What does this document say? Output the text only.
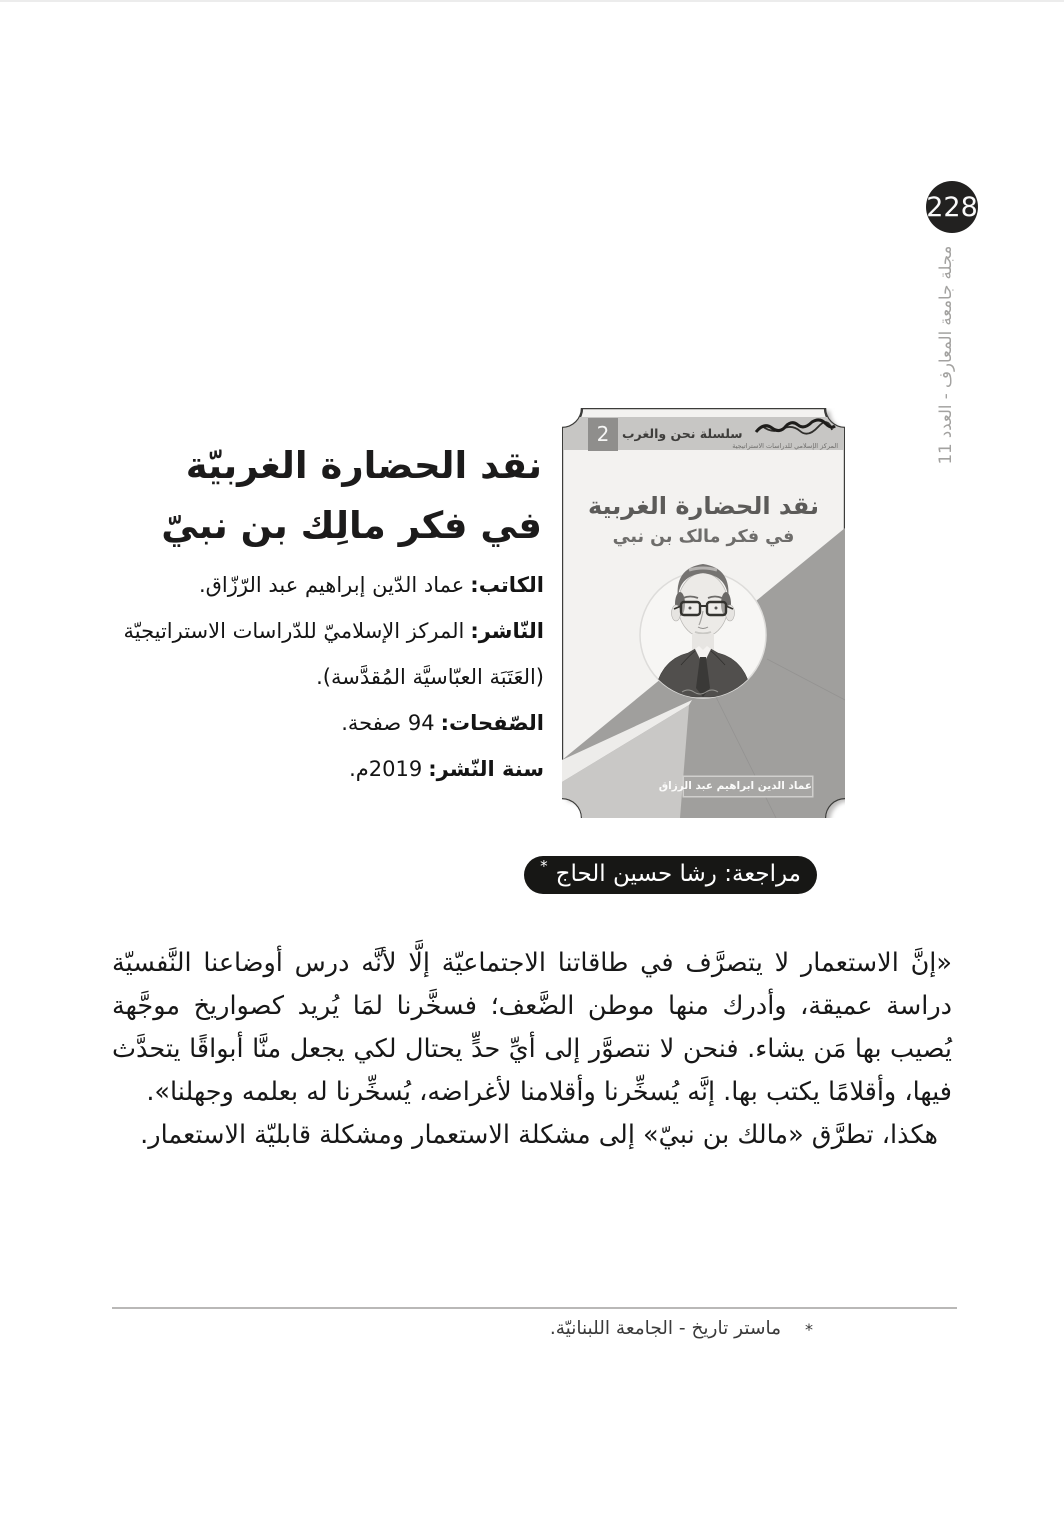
228
مجلة جامعة المعارف - العدد 11
2	سلسلة نحن والغرب
المركز الإسلامي للدراسات الاستراتيجية
نقد الحضارة الغربية
في فكر مالک بن نبي
عماد الدين ابراهيم عبد الرزاق
نقد الحضارة الغربيّة
في فكر مالِك بن نبيّ
الكاتب:عماد الدّين إبراهيم عبد الرّزّاق.
النّاشر:المركز الإسلاميّ للدّراسات الاستراتيجيّة (العَتَبَة العبّاسيَّة المُقدَّسة).
الصّفحات:94 صفحة.
سنة النّشر:2019م.
مراجعة: رشا حسين الحاج
*

«إنَّ الاستعمار لا يتصرَّف في طاقاتنا الاجتماعيّة إلَّا لأنَّه درس أوضاعنا النَّفسيّة دراسة عميقة، وأدرك منها موطن الضَّعف؛ فسخَّرنا لمَا يُريد كصواريخ موجَّهة يُصيب بها مَن يشاء. فنحن لا نتصوَّر إلى أيِّ حدٍّ يحتال لكي يجعل منَّا أبواقًا يتحدَّث فيها، وأقلامًا يكتب بها. إنَّه يُسخِّرنا وأقلامنا لأغراضه، يُسخِّرنا له بعلمه وجهلنا».

هكذا، تطرَّق «مالك بن نبيّ» إلى مشكلة الاستعمار ومشكلة قابليّة الاستعمار.

*
ماستر تاريخ - الجامعة اللبنانيّة.
